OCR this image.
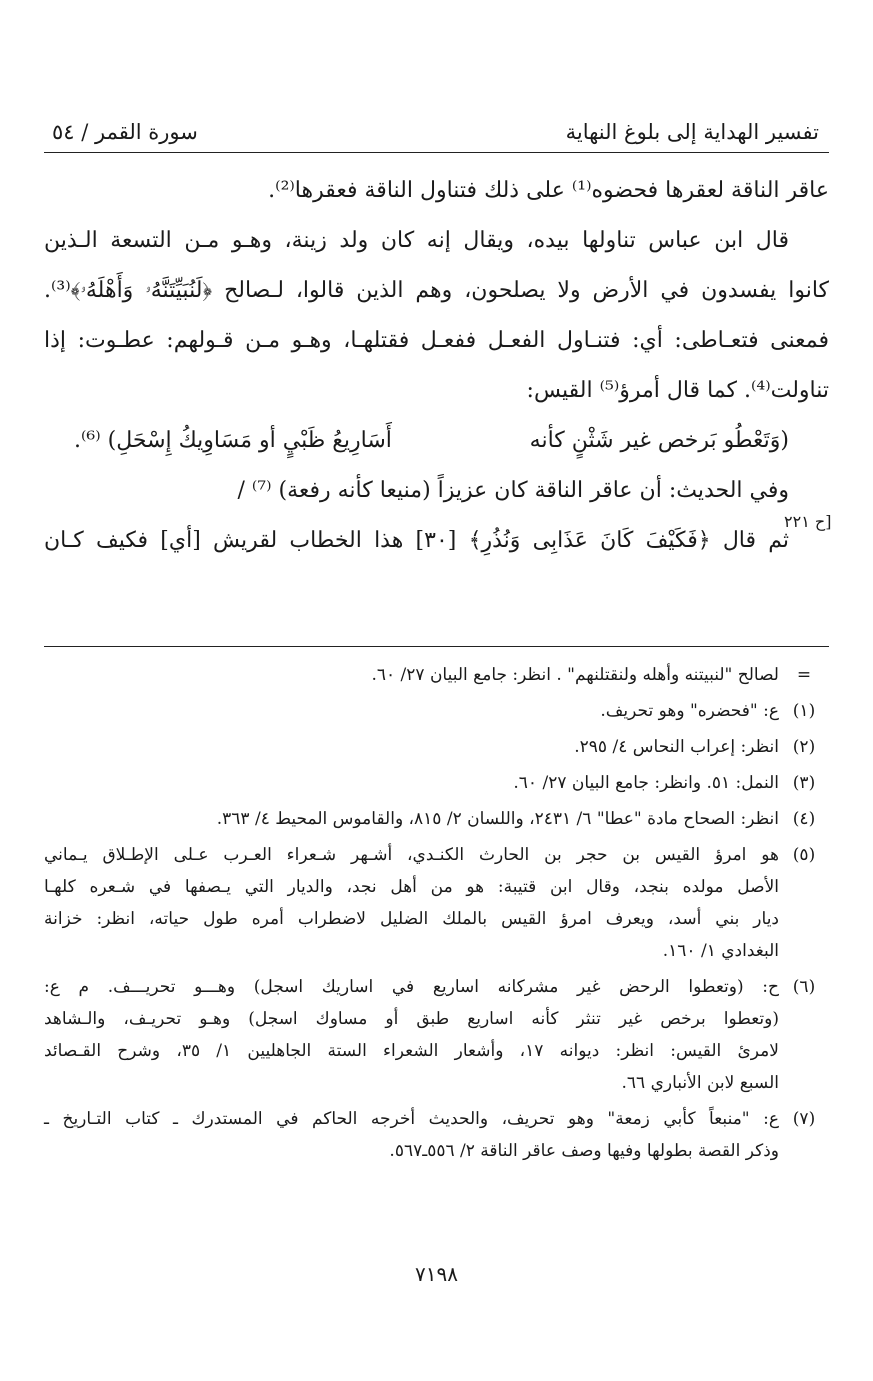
تفسير الهداية إلى بلوغ النهاية
سورة القمر / ٥٤
[ح ٢٢١
عاقر الناقة لعقرها فحضوه⁽¹⁾ على ذلك فتناول الناقة فعقرها⁽²⁾.
قال ابن عباس تناولها بيده، ويقال إنه كان ولد زينة، وهـو مـن التسعة الـذين
كانوا يفسدون في الأرض ولا يصلحون، وهم الذين قالوا، لـصالح ﴿لَنُبَيِّتَنَّهُۥ وَأَهْلَهُۥ﴾⁽³⁾.
فمعنى فتعـاطى: أي: فتنـاول الفعـل ففعـل فقتلهـا، وهـو مـن قـولهم: عطـوت: إذا
تناولت⁽⁴⁾. كما قال أمرؤ⁽⁵⁾ القيس:
(وَتَعْطُو بَرخص غير شَثْنٍ كأنه
أَسَارِيعُ ظَبْيٍ أو مَسَاوِيكُ إِسْحَلِ) ⁽⁶⁾.
وفي الحديث: أن عاقر الناقة كان عزيزاً (منيعا كأنه رفعة) ⁽⁷⁾ /
ثم قال ﴿فَكَيْفَ كَانَ عَذَابِى وَنُذُرِ﴾ [٣٠] هذا الخطاب لقريش [أي] فكيف كـان
=
لصالح "لنبيتنه وأهله ولنقتلنهم" . انظر: جامع البيان ٢٧/ ٦٠.
(١)
ع: "فحضره" وهو تحريف.
(٢)
انظر: إعراب النحاس ٤/ ٢٩٥.
(٣)
النمل: ٥١. وانظر: جامع البيان ٢٧/ ٦٠.
(٤)
انظر: الصحاح مادة "عطا" ٦/ ٢٤٣١، واللسان ٢/ ٨١٥، والقاموس المحيط ٤/ ٣٦٣.
(٥)
هو امرؤ القيس بن حجر بن الحارث الكنـدي، أشـهر شـعراء العـرب عـلى الإطـلاق يـماني
الأصل مولده بنجد، وقال ابن قتيبة: هو من أهل نجد، والديار التي يـصفها في شـعره كلهـا
ديار بني أسد، ويعرف امرؤ القيس بالملك الضليل لاضطراب أمره طول حياته، انظر: خزانة
البغدادي ١/ ١٦٠.
(٦)
ح: (وتعطوا الرحض غير مشركانه اساريع في اساريك اسجل) وهـــو تحريـــف. م ع:
(وتعطوا برخص غير تنثر كأنه اساريع طبق أو مساوك اسجل) وهـو تحريـف، والـشاهد
لامرئ القيس: انظر: ديوانه ١٧، وأشعار الشعراء الستة الجاهليين ١/ ٣٥، وشرح القـصائد
السبع لابن الأنباري ٦٦.
(٧)
ع: "منبعاً كأبي زمعة" وهو تحريف، والحديث أخرجه الحاكم في المستدرك ـ كتاب التـاريخ ـ
وذكر القصة بطولها وفيها وصف عاقر الناقة ٢/ ٥٥٦ـ٥٦٧.
٧١٩٨
